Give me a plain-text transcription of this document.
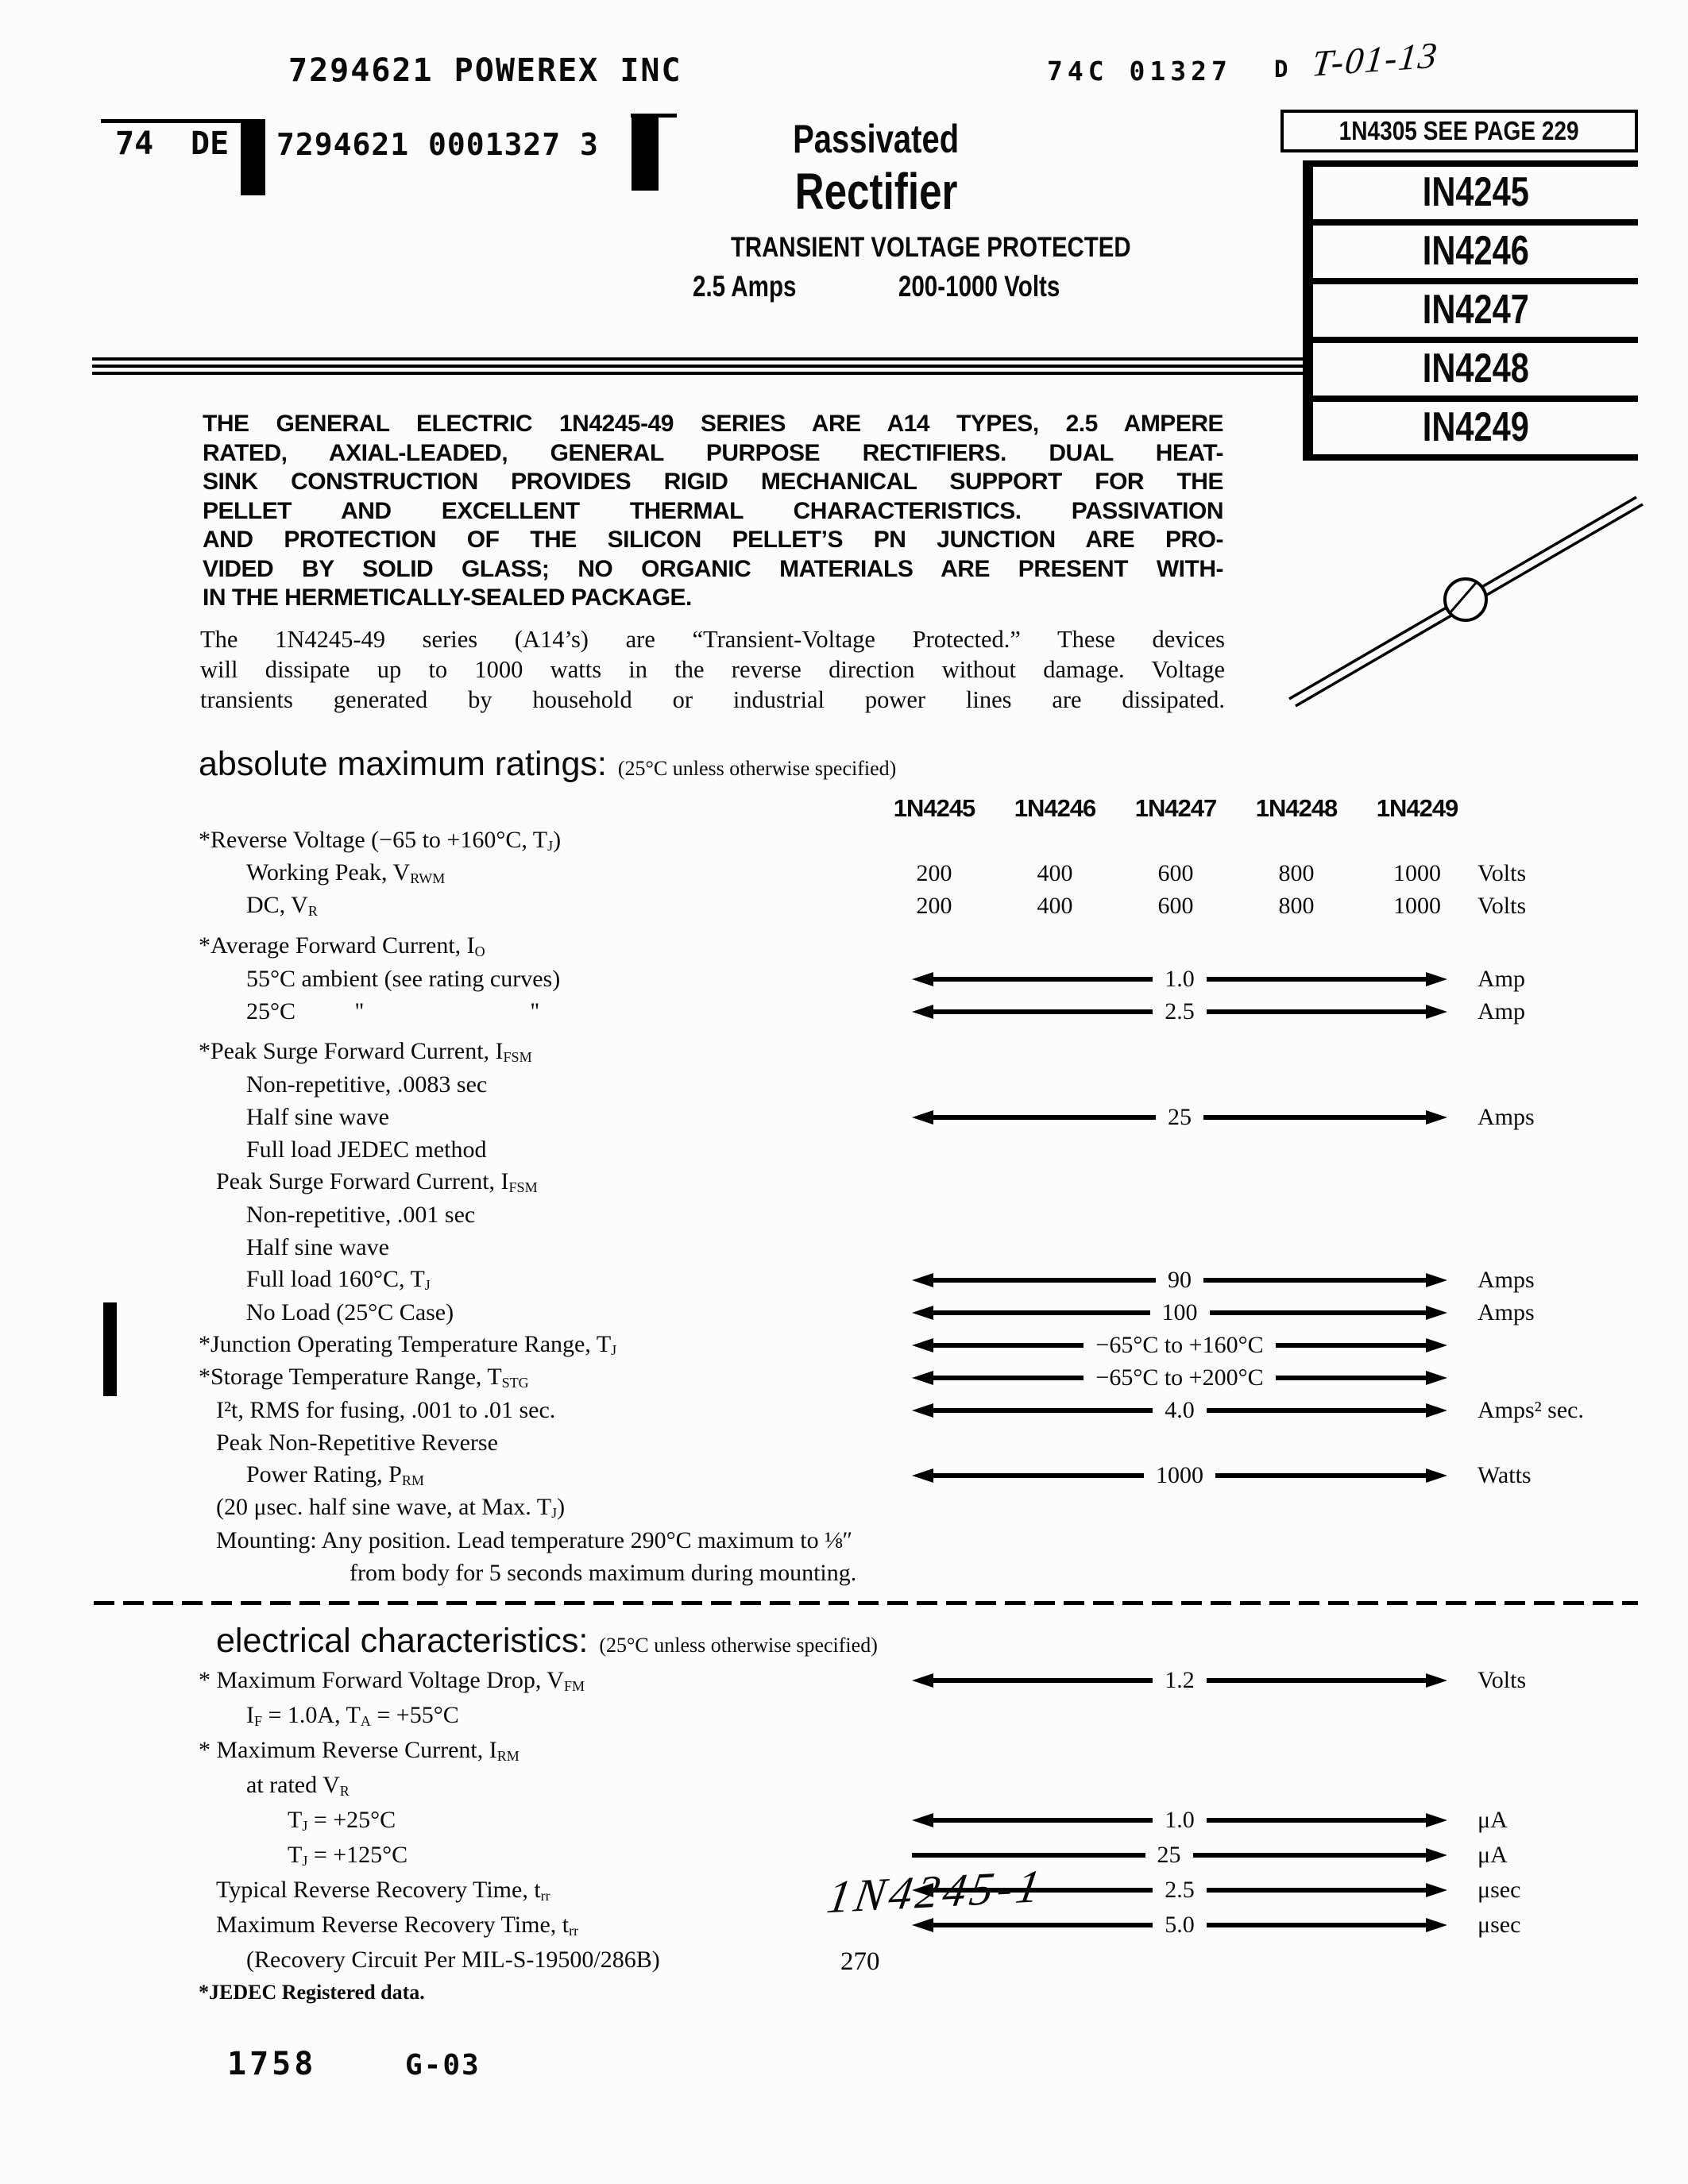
7294621 POWEREX INC
74 DE 7294621 0001327 3
74C 01327 D T-01-13
1N4305 SEE PAGE 229
IN4245
IN4246
IN4247
IN4248
IN4249
Passivated
Rectifier
TRANSIENT VOLTAGE PROTECTED
2.5 Amps	200-1000 Volts
THE GENERAL ELECTRIC 1N4245-49 SERIES ARE A14 TYPES, 2.5 AMPERE
RATED, AXIAL-LEADED, GENERAL PURPOSE RECTIFIERS. DUAL HEAT-
SINK CONSTRUCTION PROVIDES RIGID MECHANICAL SUPPORT FOR THE
PELLET AND EXCELLENT THERMAL CHARACTERISTICS. PASSIVATION
AND PROTECTION OF THE SILICON PELLET’S PN JUNCTION ARE PRO-
VIDED BY SOLID GLASS; NO ORGANIC MATERIALS ARE PRESENT WITH-
IN THE HERMETICALLY-SEALED PACKAGE.
The 1N4245-49 series (A14’s) are “Transient-Voltage Protected.” These devices
will dissipate up to 1000 watts in the reverse direction without damage. Voltage
transients generated by household or industrial power lines are dissipated.
absolute maximum ratings: (25°C unless otherwise specified)
1N4245	1N4246	1N4247	1N4248	1N4249
*Reverse Voltage (−65 to +160°C, $T_J$)
Working Peak, $V_{RWM}$	200	400	600	800	1000	Volts
DC, $V_R$	200	400	600	800	1000	Volts
*Average Forward Current, $I_O$
55°C ambient (see rating curves)	1.0	Amp
25°C          ''                            ''	2.5	Amp
*Peak Surge Forward Current, $I_{FSM}$
Non-repetitive, .0083 sec
Half sine wave	25	Amps
Full load JEDEC method
Peak Surge Forward Current, $I_{FSM}$
Non-repetitive, .001 sec
Half sine wave
Full load 160°C, $T_J$	90	Amps
No Load (25°C Case)	100	Amps
*Junction Operating Temperature Range, $T_J$	−65°C to +160°C
*Storage Temperature Range, $T_{STG}$	−65°C to +200°C
I²t, RMS for fusing, .001 to .01 sec.	4.0	Amps² sec.
Peak Non-Repetitive Reverse
Power Rating, $P_{RM}$	1000	Watts
(20 μsec. half sine wave, at Max. $T_J$)
Mounting: Any position. Lead temperature 290°C maximum to ⅛″
from body for 5 seconds maximum during mounting.
electrical characteristics: (25°C unless otherwise specified)
* Maximum Forward Voltage Drop, $V_{FM}$	1.2	Volts
$I_F = 1.0A$, $T_A = +55^\circ C$
* Maximum Reverse Current, $I_{RM}$
at rated $V_R$
$T_J = +25^\circ C$	1.0	μA
$T_J = +125^\circ C$	25	μA
Typical Reverse Recovery Time, $t_{rr}$	2.5	μsec
Maximum Reverse Recovery Time, $t_{rr}$	5.0	μsec
(Recovery Circuit Per MIL-S-19500/286B)
*JEDEC Registered data.
1N4245-1
270
1758	G-03
